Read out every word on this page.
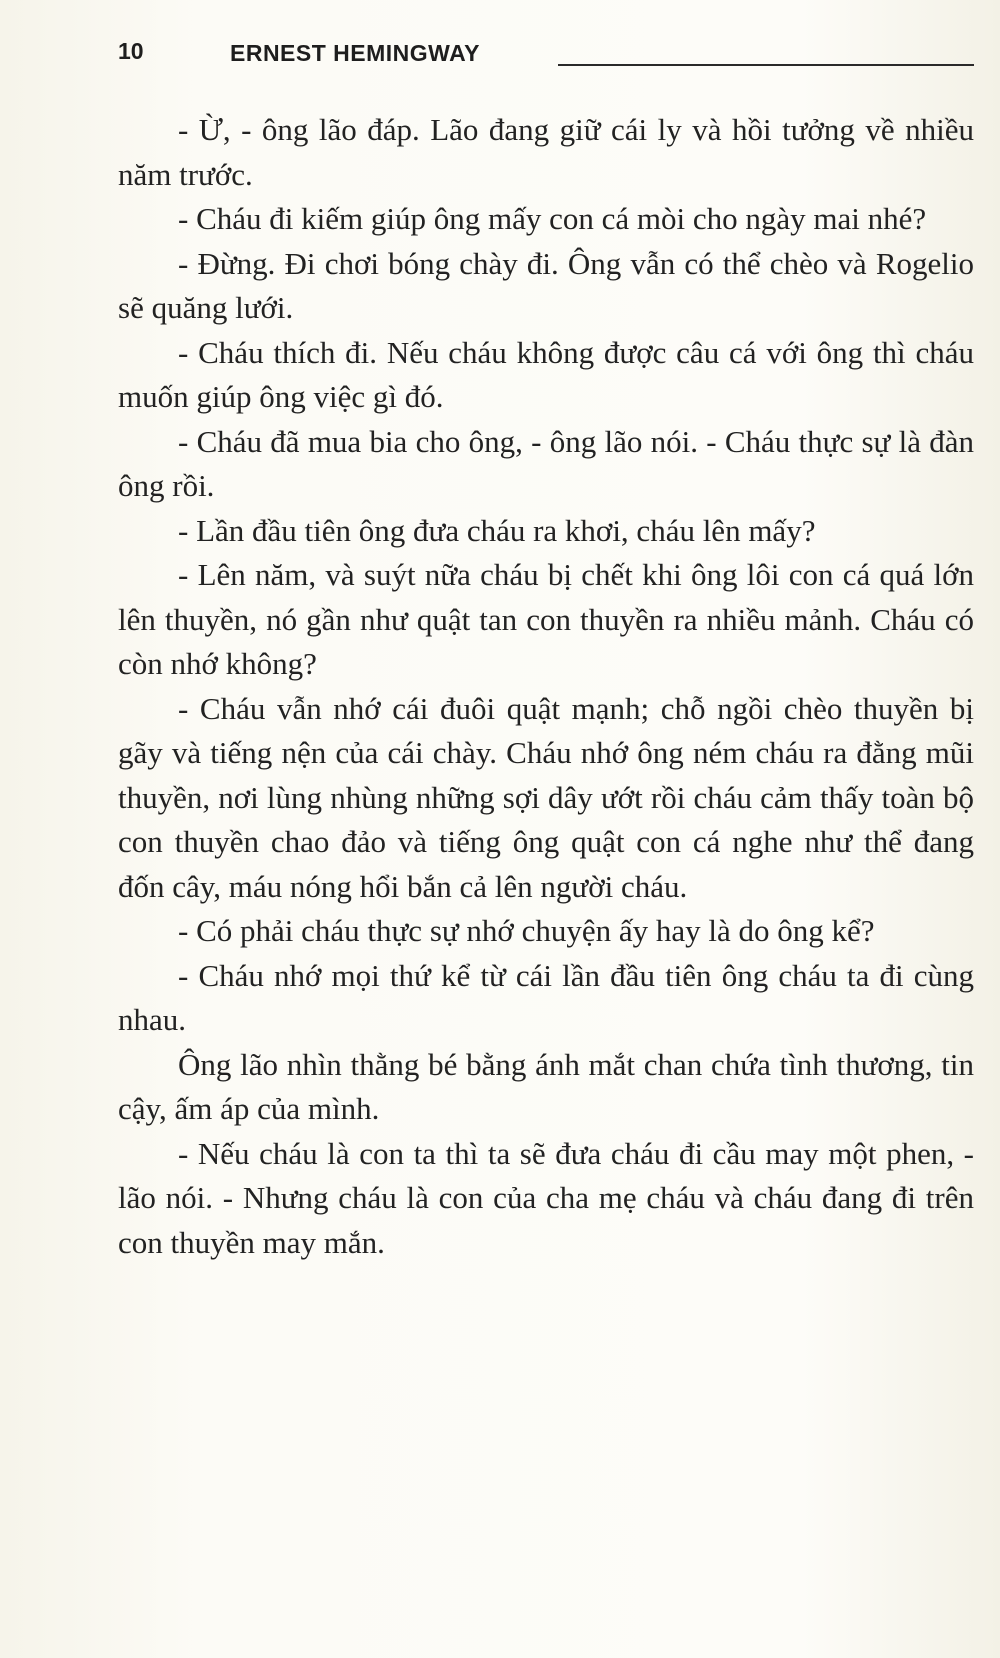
10	ERNEST HEMINGWAY

- Ừ, - ông lão đáp. Lão đang giữ cái ly và hồi tưởng về nhiều năm trước.

- Cháu đi kiếm giúp ông mấy con cá mòi cho ngày mai nhé?

- Đừng. Đi chơi bóng chày đi. Ông vẫn có thể chèo và Rogelio sẽ quăng lưới.

- Cháu thích đi. Nếu cháu không được câu cá với ông thì cháu muốn giúp ông việc gì đó.

- Cháu đã mua bia cho ông, - ông lão nói. - Cháu thực sự là đàn ông rồi.

- Lần đầu tiên ông đưa cháu ra khơi, cháu lên mấy?

- Lên năm, và suýt nữa cháu bị chết khi ông lôi con cá quá lớn lên thuyền, nó gần như quật tan con thuyền ra nhiều mảnh. Cháu có còn nhớ không?

- Cháu vẫn nhớ cái đuôi quật mạnh; chỗ ngồi chèo thuyền bị gãy và tiếng nện của cái chày. Cháu nhớ ông ném cháu ra đằng mũi thuyền, nơi lùng nhùng những sợi dây ướt rồi cháu cảm thấy toàn bộ con thuyền chao đảo và tiếng ông quật con cá nghe như thể đang đốn cây, máu nóng hổi bắn cả lên người cháu.

- Có phải cháu thực sự nhớ chuyện ấy hay là do ông kể?

- Cháu nhớ mọi thứ kể từ cái lần đầu tiên ông cháu ta đi cùng nhau.

Ông lão nhìn thằng bé bằng ánh mắt chan chứa tình thương, tin cậy, ấm áp của mình.

- Nếu cháu là con ta thì ta sẽ đưa cháu đi cầu may một phen, - lão nói. - Nhưng cháu là con của cha mẹ cháu và cháu đang đi trên con thuyền may mắn.
